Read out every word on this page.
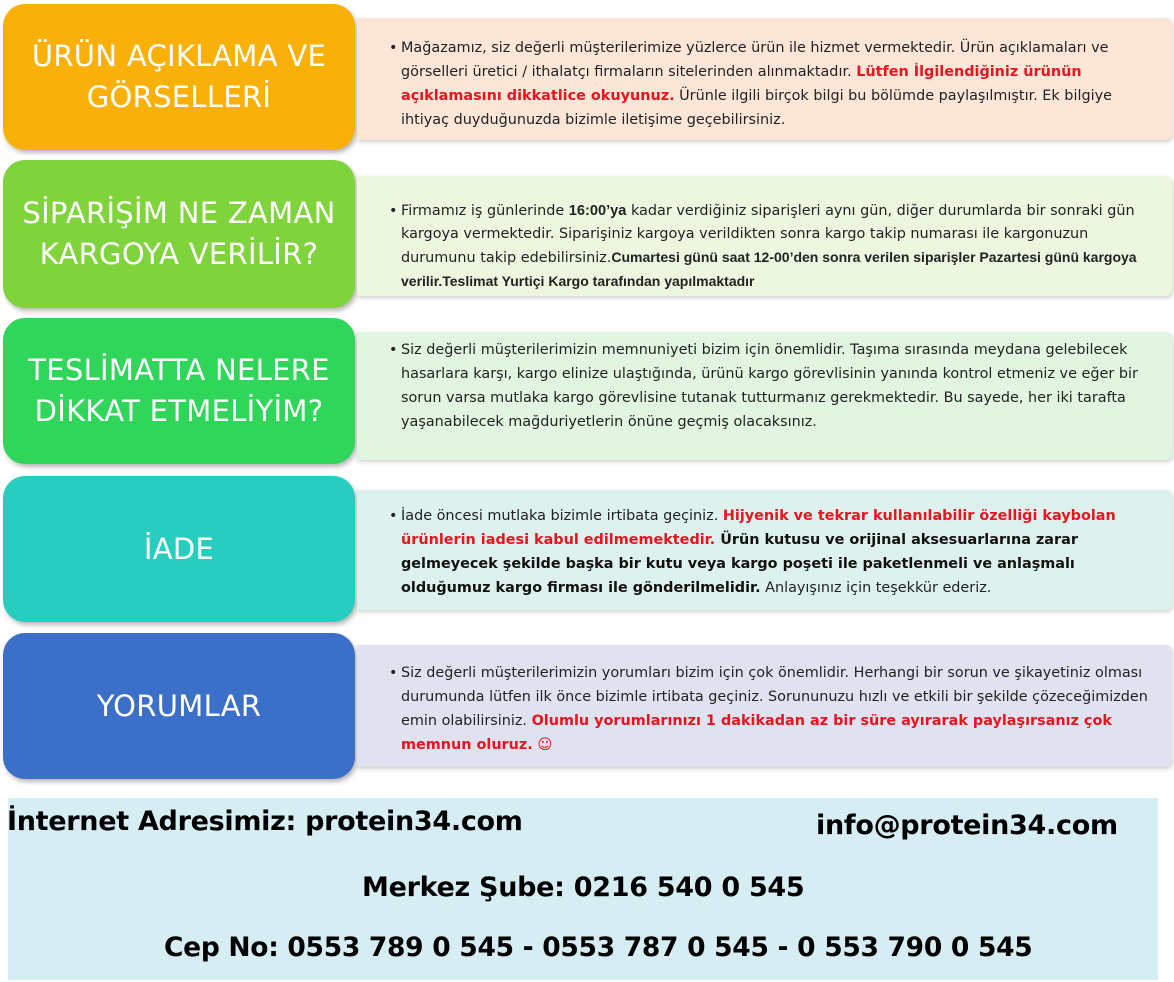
ÜRÜN AÇIKLAMA VE
GÖRSELLERİ

• Mağazamız, siz değerli müşterilerimize yüzlerce ürün ile hizmet vermektedir. Ürün açıklamaları ve görselleri üretici / ithalatçı firmaların sitelerinden alınmaktadır. Lütfen İlgilendiğiniz ürünün açıklamasını dikkatlice okuyunuz. Ürünle ilgili birçok bilgi bu bölümde paylaşılmıştır. Ek bilgiye ihtiyaç duyduğunuzda bizimle iletişime geçebilirsiniz.

SİPARİŞİM NE ZAMAN
KARGOYA VERİLİR?

• Firmamız iş günlerinde 16:00’ya kadar verdiğiniz siparişleri aynı gün, diğer durumlarda bir sonraki gün kargoya vermektedir. Siparişiniz kargoya verildikten sonra kargo takip numarası ile kargonuzun durumunu takip edebilirsiniz.Cumartesi günü saat 12-00’den sonra verilen siparişler Pazartesi günü kargoya verilir.Teslimat Yurtiçi Kargo tarafından yapılmaktadır

TESLİMATTA NELERE
DİKKAT ETMELİYİM?

• Siz değerli müşterilerimizin memnuniyeti bizim için önemlidir. Taşıma sırasında meydana gelebilecek hasarlara karşı, kargo elinize ulaştığında, ürünü kargo görevlisinin yanında kontrol etmeniz ve eğer bir sorun varsa mutlaka kargo görevlisine tutanak tutturmanız gerekmektedir. Bu sayede, her iki tarafta yaşanabilecek mağduriyetlerin önüne geçmiş olacaksınız.

İADE

• İade öncesi mutlaka bizimle irtibata geçiniz. Hijyenik ve tekrar kullanılabilir özelliği kaybolan ürünlerin iadesi kabul edilmemektedir. Ürün kutusu ve orijinal aksesuarlarına zarar gelmeyecek şekilde başka bir kutu veya kargo poşeti ile paketlenmeli ve anlaşmalı olduğumuz kargo firması ile gönderilmelidir. Anlayışınız için teşekkür ederiz.

YORUMLAR

• Siz değerli müşterilerimizin yorumları bizim için çok önemlidir. Herhangi bir sorun ve şikayetiniz olması durumunda lütfen ilk önce bizimle irtibata geçiniz. Sorununuzu hızlı ve etkili bir şekilde çözeceğimizden emin olabilirsiniz. Olumlu yorumlarınızı 1 dakikadan az bir süre ayırarak paylaşırsanız çok memnun oluruz. ☺

İnternet Adresimiz: protein34.com	info@protein34.com
Merkez Şube: 0216 540 0 545
Cep No: 0553 789 0 545 - 0553 787 0 545 - 0 553 790 0 545
